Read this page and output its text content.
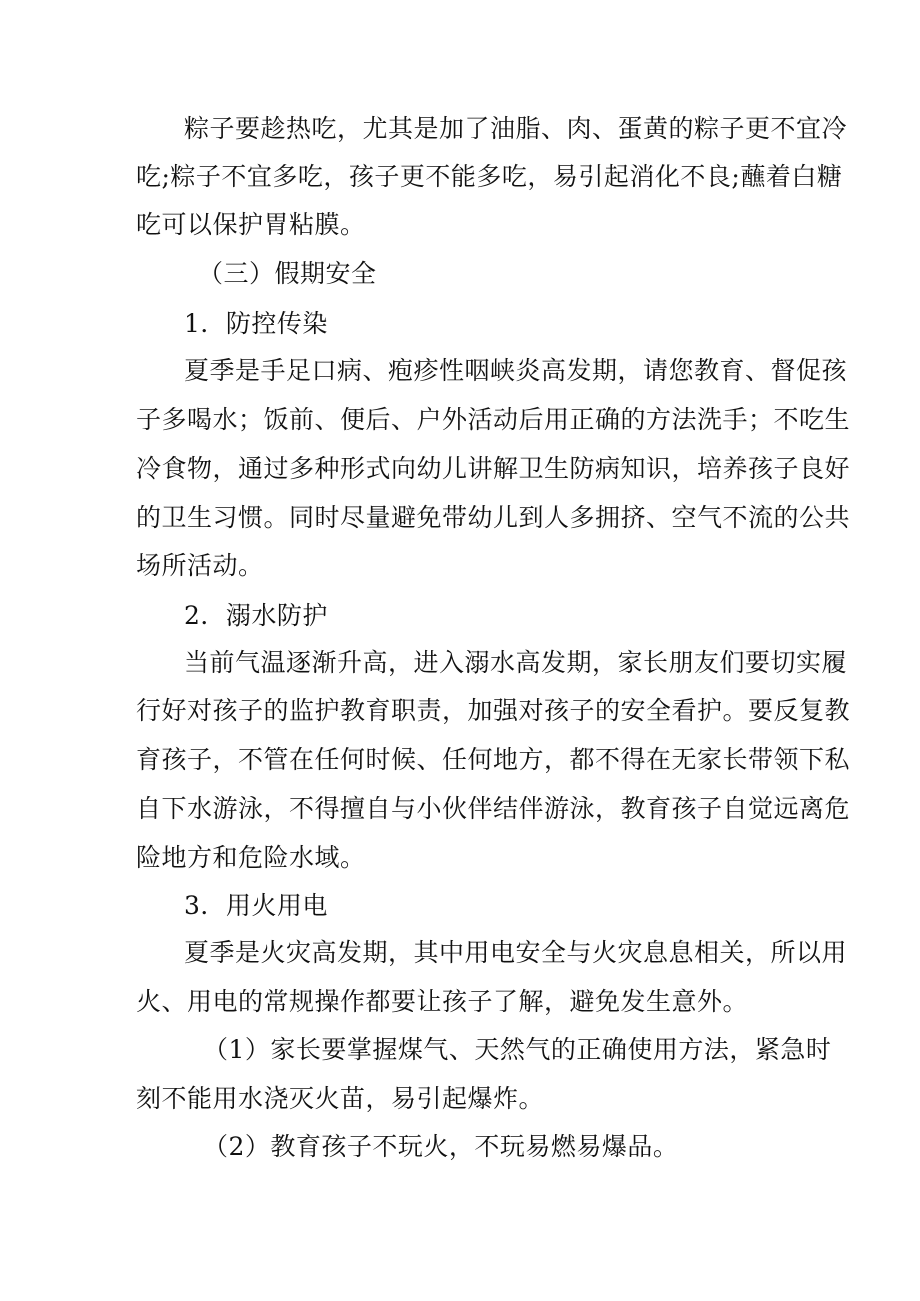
粽子要趁热吃，尤其是加了油脂、肉、蛋黄的粽子更不宜冷
吃;粽子不宜多吃，孩子更不能多吃，易引起消化不良;蘸着白糖
吃可以保护胃粘膜。
（三）假期安全
1．防控传染
夏季是手足口病、疱疹性咽峡炎高发期，请您教育、督促孩
子多喝水；饭前、便后、户外活动后用正确的方法洗手；不吃生
冷食物，通过多种形式向幼儿讲解卫生防病知识，培养孩子良好
的卫生习惯。同时尽量避免带幼儿到人多拥挤、空气不流的公共
场所活动。
2．溺水防护
当前气温逐渐升高，进入溺水高发期，家长朋友们要切实履
行好对孩子的监护教育职责，加强对孩子的安全看护。要反复教
育孩子，不管在任何时候、任何地方，都不得在无家长带领下私
自下水游泳，不得擅自与小伙伴结伴游泳，教育孩子自觉远离危
险地方和危险水域。
3．用火用电
夏季是火灾高发期，其中用电安全与火灾息息相关，所以用
火、用电的常规操作都要让孩子了解，避免发生意外。
（1）家长要掌握煤气、天然气的正确使用方法，紧急时
刻不能用水浇灭火苗，易引起爆炸。
（2）教育孩子不玩火，不玩易燃易爆品。
